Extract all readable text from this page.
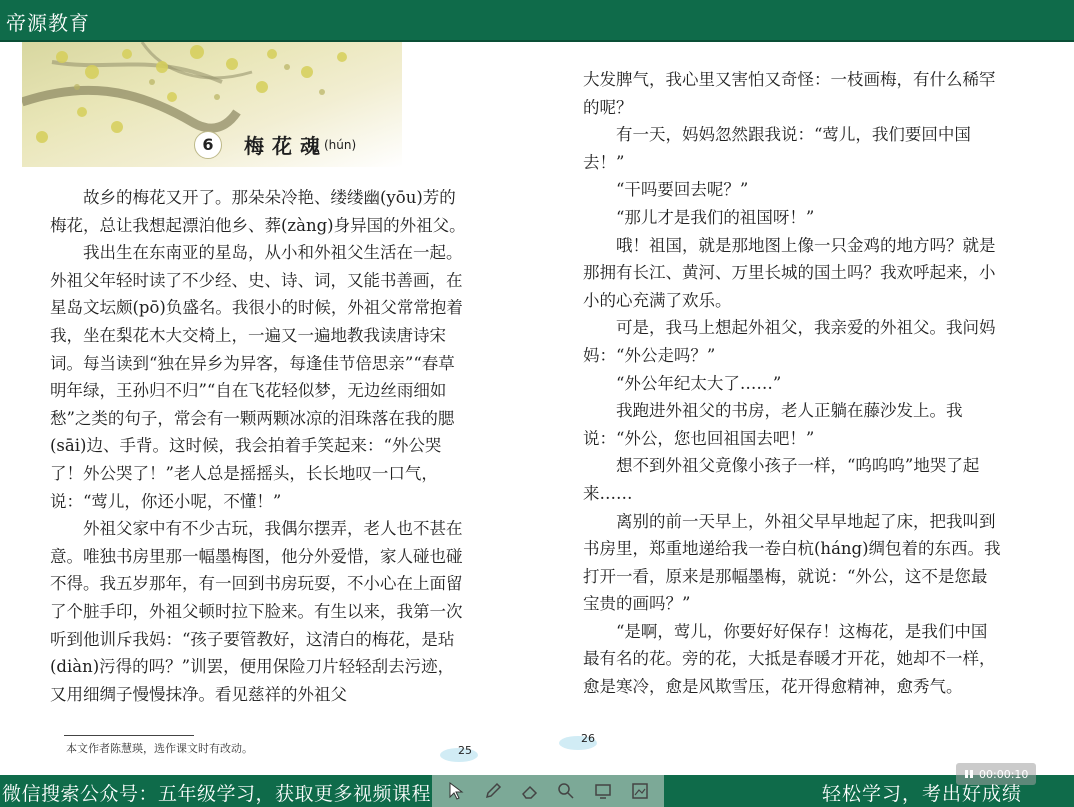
帝源教育
6	梅花魂
(hún)

故乡的梅花又开了。那朵朵冷艳、缕缕幽(yōu)芳的梅花，总让我想起漂泊他乡、葬(zàng)身异国的外祖父。

我出生在东南亚的星岛，从小和外祖父生活在一起。外祖父年轻时读了不少经、史、诗、词，又能书善画，在星岛文坛颇(pō)负盛名。我很小的时候，外祖父常常抱着我，坐在梨花木大交椅上，一遍又一遍地教我读唐诗宋词。每当读到“独在异乡为异客，每逢佳节倍思亲”“春草明年绿，王孙归不归”“自在飞花轻似梦，无边丝雨细如愁”之类的句子，常会有一颗两颗冰凉的泪珠落在我的腮(sāi)边、手背。这时候，我会拍着手笑起来：“外公哭了！外公哭了！”老人总是摇摇头，长长地叹一口气，说：“莺儿，你还小呢，不懂！”

外祖父家中有不少古玩，我偶尔摆弄，老人也不甚在意。唯独书房里那一幅墨梅图，他分外爱惜，家人碰也碰不得。我五岁那年，有一回到书房玩耍，不小心在上面留了个脏手印，外祖父顿时拉下脸来。有生以来，我第一次听到他训斥我妈：“孩子要管教好，这清白的梅花，是玷(diàn)污得的吗？”训罢，便用保险刀片轻轻刮去污迹，又用细绸子慢慢抹净。看见慈祥的外祖父

本文作者陈慧瑛，选作课文时有改动。	25

大发脾气，我心里又害怕又奇怪：一枝画梅，有什么稀罕的呢？

有一天，妈妈忽然跟我说：“莺儿，我们要回中国去！”

“干吗要回去呢？”

“那儿才是我们的祖国呀！”

哦！祖国，就是那地图上像一只金鸡的地方吗？就是那拥有长江、黄河、万里长城的国土吗？我欢呼起来，小小的心充满了欢乐。

可是，我马上想起外祖父，我亲爱的外祖父。我问妈妈：“外公走吗？”

“外公年纪太大了……”

我跑进外祖父的书房，老人正躺在藤沙发上。我说：“外公，您也回祖国去吧！”

想不到外祖父竟像小孩子一样，“呜呜呜”地哭了起来……

离别的前一天早上，外祖父早早地起了床，把我叫到书房里，郑重地递给我一卷白杭(háng)绸包着的东西。我打开一看，原来是那幅墨梅，就说：“外公，这不是您最宝贵的画吗？”

“是啊，莺儿，你要好好保存！这梅花，是我们中国最有名的花。旁的花，大抵是春暖才开花，她却不一样，愈是寒冷，愈是风欺雪压，花开得愈精神，愈秀气。

26
微信搜索公众号：五年级学习，获取更多视频课程
00:00:10
轻松学习，考出好成绩
